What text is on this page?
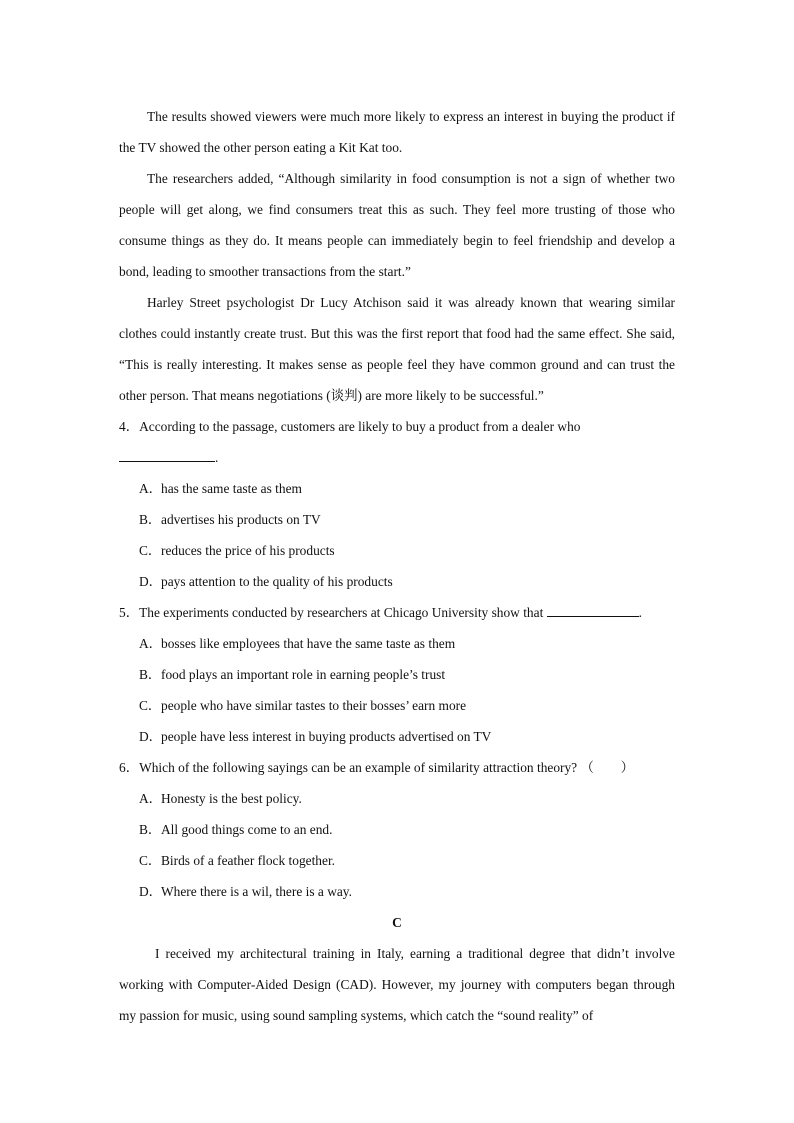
The results showed viewers were much more likely to express an interest in buying the product if the TV showed the other person eating a Kit Kat too.

The researchers added, “Although similarity in food consumption is not a sign of whether two people will get along, we find consumers treat this as such. They feel more trusting of those who consume things as they do. It means people can immediately begin to feel friendship and develop a bond, leading to smoother transactions from the start.”

Harley Street psychologist Dr Lucy Atchison said it was already known that wearing similar clothes could instantly create trust. But this was the first report that food had the same effect. She said, “This is really interesting. It makes sense as people feel they have common ground and can trust the other person. That means negotiations (谈判) are more likely to be successful.”

4．According to the passage, customers are likely to buy a product from a dealer who

.

A．has the same taste as them
B．advertises his products on TV
C．reduces the price of his products
D．pays attention to the quality of his products

5．The experiments conducted by researchers at Chicago University show that	.

A．bosses like employees that have the same taste as them
B．food plays an important role in earning people’s trust
C．people who have similar tastes to their bosses’ earn more
D．people have less interest in buying products advertised on TV

6．Which of the following sayings can be an example of similarity attraction theory? （　　）

A．Honesty is the best policy.
B．All good things come to an end.
C．Birds of a feather flock together.
D．Where there is a wil, there is a way.

C

I received my architectural training in Italy, earning a traditional degree that didn’t involve working with Computer-Aided Design (CAD). However, my journey with computers began through my passion for music, using sound sampling systems, which catch the “sound reality” of
